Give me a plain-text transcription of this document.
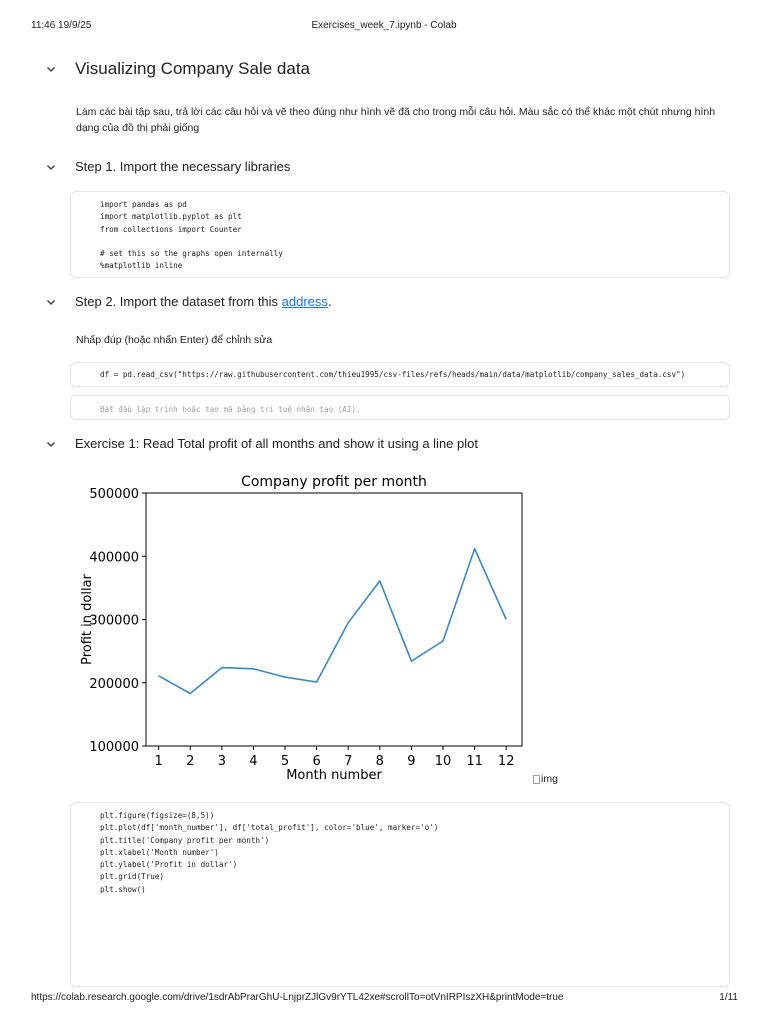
11:46 19/9/25	Exercises_week_7.ipynb - Colab
Visualizing Company Sale data
Làm các bài tập sau, trả lời các câu hỏi và vẽ theo đúng như hình vẽ đã cho trong mỗi câu hỏi. Màu sắc có thể khác một chút nhưng hình dạng của đồ thị phải giống
Step 1. Import the necessary libraries
import pandas as pd
import matplotlib.pyplot as plt
from collections import Counter

# set this so the graphs open internally
%matplotlib inline
Step 2. Import the dataset from this address.
Nhấp đúp (hoặc nhấn Enter) để chỉnh sửa
df = pd.read_csv("https://raw.githubusercontent.com/thieu1995/csv-files/refs/heads/main/data/matplotlib/company_sales_data.csv")
Bắt đầu lập trình hoặc tạo mã bằng trí tuệ nhân tạo (AI).
Exercise 1: Read Total profit of all months and show it using a line plot
100000
200000
300000
400000
500000
1 2 3 4 5 6 7 8 9 10 11 12
Company profit per month
Month number
Profit in dollar
img
plt.figure(figsize=(8,5))
plt.plot(df['month_number'], df['total_profit'], color='blue', marker='o')
plt.title('Company profit per month')
plt.xlabel('Month number')
plt.ylabel('Profit in dollar')
plt.grid(True)
plt.show()
https://colab.research.google.com/drive/1sdrAbPrarGhU-LnjprZJlGv9rYTL42xe#scrollTo=otVnIRPIszXH&printMode=true	1/11
